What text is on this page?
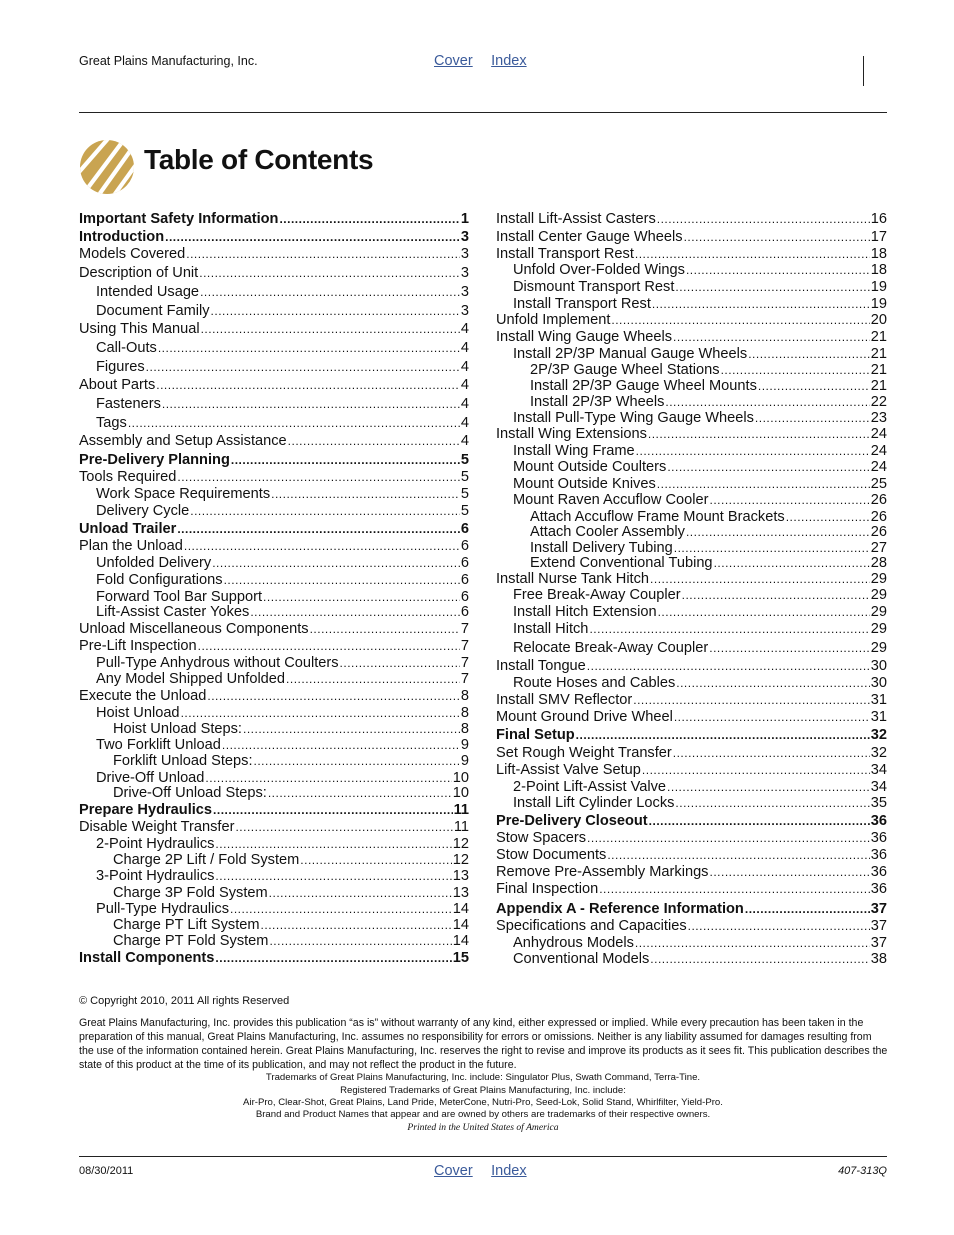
Great Plains Manufacturing, Inc.	Cover Index
Table of Contents
Important Safety Information .....	1
Introduction .....	3
Models Covered .....	3
Description of Unit .....	3
Intended Usage .....	3
Document Family .....	3
Using This Manual .....	4
Call-Outs .....	4
Figures .....	4
About Parts .....	4
Fasteners .....	4
Tags .....	4
Assembly and Setup Assistance .....	4
Pre-Delivery Planning .....	5
Tools Required .....	5
Work Space Requirements .....	5
Delivery Cycle .....	5
Unload Trailer .....	6
Plan the Unload .....	6
Unfolded Delivery .....	6
Fold Configurations .....	6
Forward Tool Bar Support .....	6
Lift-Assist Caster Yokes .....	6
Unload Miscellaneous Components .....	7
Pre-Lift Inspection .....	7
Pull-Type Anhydrous without Coulters .....	7
Any Model Shipped Unfolded .....	7
Execute the Unload .....	8
Hoist Unload .....	8
Hoist Unload Steps: .....	8
Two Forklift Unload .....	9
Forklift Unload Steps: .....	9
Drive-Off Unload .....	10
Drive-Off Unload Steps: .....	10
Prepare Hydraulics .....	11
Disable Weight Transfer .....	11
2-Point Hydraulics .....	12
Charge 2P Lift / Fold System .....	12
3-Point Hydraulics .....	13
Charge 3P Fold System .....	13
Pull-Type Hydraulics .....	14
Charge PT Lift System .....	14
Charge PT Fold System .....	14
Install Components .....	15
Install Lift-Assist Casters .....	16
Install Center Gauge Wheels .....	17
Install Transport Rest .....	18
Unfold Over-Folded Wings .....	18
Dismount Transport Rest .....	19
Install Transport Rest .....	19
Unfold Implement .....	20
Install Wing Gauge Wheels .....	21
Install 2P/3P Manual Gauge Wheels .....	21
2P/3P Gauge Wheel Stations .....	21
Install 2P/3P Gauge Wheel Mounts .....	21
Install 2P/3P Wheels .....	22
Install Pull-Type Wing Gauge Wheels .....	23
Install Wing Extensions .....	24
Install Wing Frame .....	24
Mount Outside Coulters .....	24
Mount Outside Knives .....	25
Mount Raven Accuflow Cooler .....	26
Attach Accuflow Frame Mount Brackets .....	26
Attach Cooler Assembly .....	26
Install Delivery Tubing .....	27
Extend Conventional Tubing .....	28
Install Nurse Tank Hitch .....	29
Free Break-Away Coupler .....	29
Install Hitch Extension .....	29
Install Hitch .....	29
Relocate Break-Away Coupler .....	29
Install Tongue .....	30
Route Hoses and Cables .....	30
Install SMV Reflector .....	31
Mount Ground Drive Wheel .....	31
Final Setup .....	32
Set Rough Weight Transfer .....	32
Lift-Assist Valve Setup .....	34
2-Point Lift-Assist Valve .....	34
Install Lift Cylinder Locks .....	35
Pre-Delivery Closeout .....	36
Stow Spacers .....	36
Stow Documents .....	36
Remove Pre-Assembly Markings .....	36
Final Inspection .....	36
Appendix A - Reference Information .....	37
Specifications and Capacities .....	37
Anhydrous Models .....	37
Conventional Models .....	38
© Copyright 2010, 2011 All rights Reserved
Great Plains Manufacturing, Inc. provides this publication “as is” without warranty of any kind, either expressed or implied. While every precaution has been taken in the preparation of this manual, Great Plains Manufacturing, Inc. assumes no responsibility for errors or omissions. Neither is any liability assumed for damages resulting from the use of the information contained herein. Great Plains Manufacturing, Inc. reserves the right to revise and improve its products as it sees fit. This publication describes the state of this product at the time of its publication, and may not reflect the product in the future.
Trademarks of Great Plains Manufacturing, Inc. include: Singulator Plus, Swath Command, Terra-Tine.
Registered Trademarks of Great Plains Manufacturing, Inc. include:
Air-Pro, Clear-Shot, Great Plains, Land Pride, MeterCone, Nutri-Pro, Seed-Lok, Solid Stand, Whirlfilter, Yield-Pro.
Brand and Product Names that appear and are owned by others are trademarks of their respective owners.
Printed in the United States of America
08/30/2011	Cover Index	407-313Q
